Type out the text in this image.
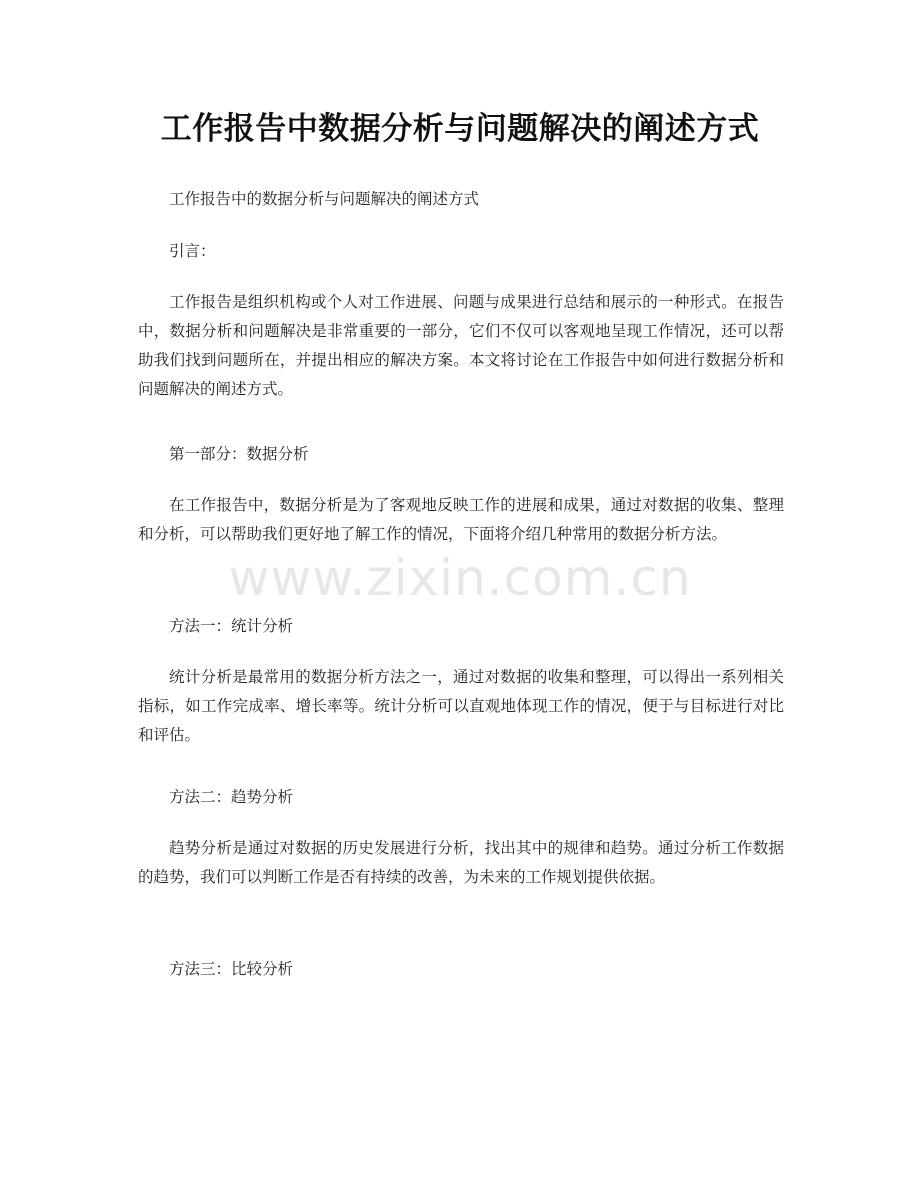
工作报告中数据分析与问题解决的阐述方式
工作报告中的数据分析与问题解决的阐述方式
引言：
工作报告是组织机构或个人对工作进展、问题与成果进行总结和展示的一种形式。在报告中，数据分析和问题解决是非常重要的一部分，它们不仅可以客观地呈现工作情况，还可以帮助我们找到问题所在，并提出相应的解决方案。本文将讨论在工作报告中如何进行数据分析和问题解决的阐述方式。
第一部分：数据分析
在工作报告中，数据分析是为了客观地反映工作的进展和成果，通过对数据的收集、整理和分析，可以帮助我们更好地了解工作的情况，下面将介绍几种常用的数据分析方法。
方法一：统计分析
统计分析是最常用的数据分析方法之一，通过对数据的收集和整理，可以得出一系列相关指标，如工作完成率、增长率等。统计分析可以直观地体现工作的情况，便于与目标进行对比和评估。
方法二：趋势分析
趋势分析是通过对数据的历史发展进行分析，找出其中的规律和趋势。通过分析工作数据的趋势，我们可以判断工作是否有持续的改善，为未来的工作规划提供依据。
方法三：比较分析
www.zixin.com.cn
